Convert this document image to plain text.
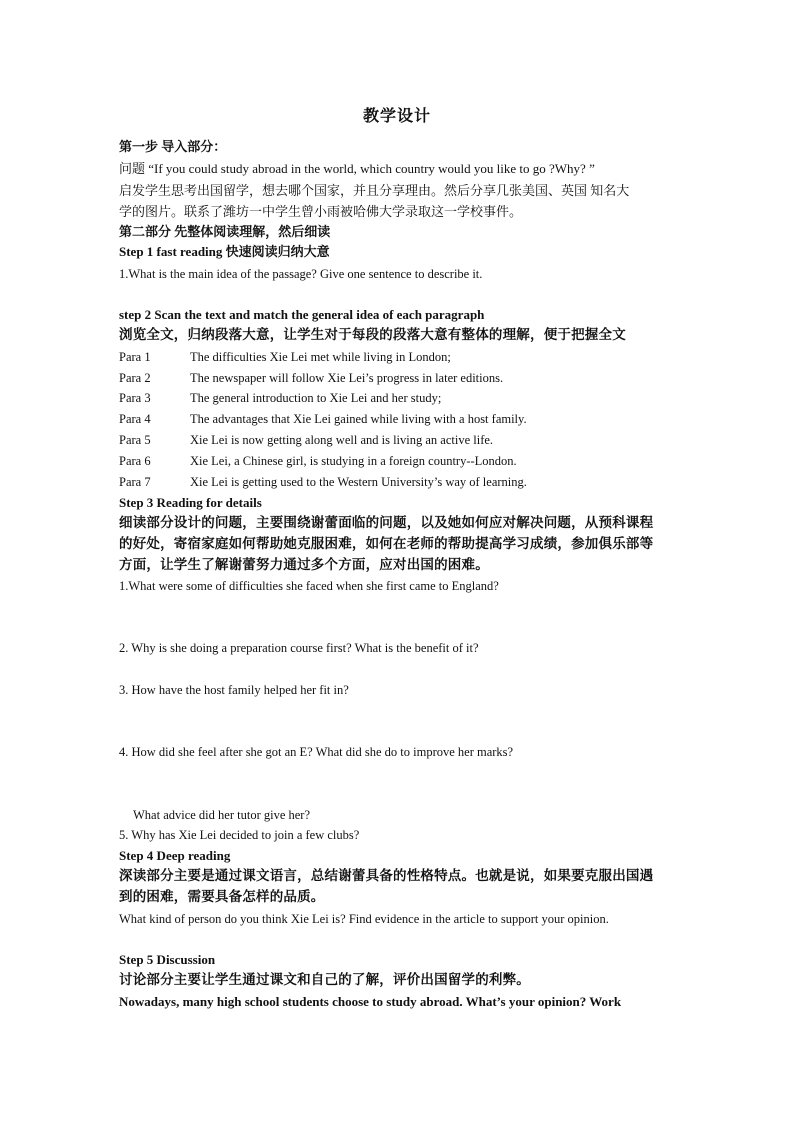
教学设计
第一步 导入部分：
问题 “If you could study abroad in the world, which country would you like to go ?Why? ”
启发学生思考出国留学，想去哪个国家，并且分享理由。然后分享几张美国、英国 知名大
学的图片。联系了潍坊一中学生曾小雨被哈佛大学录取这一学校事件。
第二部分 先整体阅读理解，然后细读
Step 1 fast reading 快速阅读归纳大意
1.What is the main idea of the passage? Give one sentence to describe it.
step 2 Scan the text and match the general idea of each paragraph
浏览全文，归纳段落大意，让学生对于每段的段落大意有整体的理解，便于把握全文
Para 1	The difficulties Xie Lei met while living in London;
Para 2	The newspaper will follow Xie Lei’s progress in later editions.
Para 3	The general introduction to Xie Lei and her study;
Para 4	The advantages that Xie Lei gained while living with a host family.
Para 5	Xie Lei is now getting along well and is living an active life.
Para 6	Xie Lei, a Chinese girl, is studying in a foreign country--London.
Para 7	Xie Lei is getting used to the Western University’s way of learning.
Step 3 Reading for details
细读部分设计的问题，主要围绕谢蕾面临的问题，以及她如何应对解决问题，从预科课程
的好处，寄宿家庭如何帮助她克服困难，如何在老师的帮助提高学习成绩，参加俱乐部等
方面，让学生了解谢蕾努力通过多个方面，应对出国的困难。
1.What were some of difficulties she faced when she first came to England?
2. Why is she doing a preparation course first? What is the benefit of it?
3. How have the host family helped her fit in?
4. How did she feel after she got an E? What did she do to improve her marks?
What advice did her tutor give her?
5. Why has Xie Lei decided to join a few clubs?
Step 4 Deep reading
深读部分主要是通过课文语言，总结谢蕾具备的性格特点。也就是说，如果要克服出国遇
到的困难，需要具备怎样的品质。
What kind of person do you think Xie Lei is? Find evidence in the article to support your opinion.
Step 5 Discussion
讨论部分主要让学生通过课文和自己的了解，评价出国留学的利弊。
Nowadays, many high school students choose to study abroad. What’s your opinion? Work
